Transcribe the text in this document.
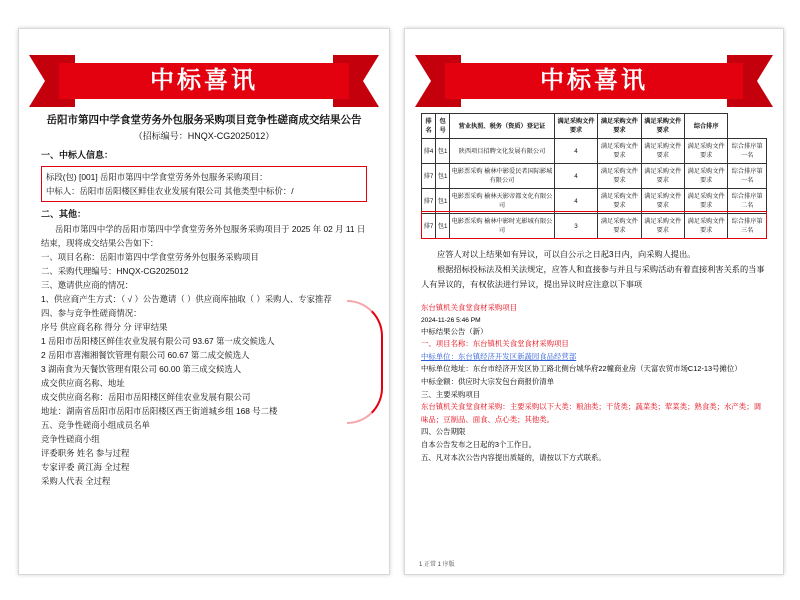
中标喜讯
岳阳市第四中学食堂劳务外包服务采购项目竞争性磋商成交结果公告
（招标编号：HNQX-CG2025012）
一、中标人信息：
标段(包) [001] 岳阳市第四中学食堂劳务外包服务采购项目：
中标人：岳阳市岳阳楼区鲜佳农业发展有限公司 其他类型中标价：/
二、其他：
岳阳市第四中学的岳阳市第四中学食堂劳务外包服务采购项目于 2025 年 02 月 11 日结束，现将成交结果公告如下：
一、项目名称：岳阳市第四中学食堂劳务外包服务采购项目
二、采购代理编号：HNQX-CG2025012
三、邀请供应商的情况：
1、供应商产生方式：（ √ ）公告邀请（ ）供应商库抽取（ ）采购人、专家推荐
四、参与竞争性磋商情况：
序号 供应商名称 得分 分 评审结果
1 岳阳市岳阳楼区鲜佳农业发展有限公司 93.67 第一成交候选人
2 岳阳市喜湘湘餐饮管理有限公司 60.67 第二成交候选人
3 湖南食为天餐饮管理有限公司 60.00 第三成交候选人
成交供应商名称、地址
成交供应商名称：岳阳市岳阳楼区鲜佳农业发展有限公司
地址：湖南省岳阳市岳阳市岳阳楼区西王街道城乡组 168 号二楼
五、竞争性磋商小组成员名单
竞争性磋商小组
评委职务 姓名 参与过程
专家评委 黄江海 全过程
采购人代表 全过程
中标喜讯
排名	包号	营业执照、税务（资质）登记证	满足采购文件要求	满足采购文件要求	满足采购文件要求	综合排序	
排4	包1	陕西项目招聘文化发展有限公司	4	满足采购文件要求	满足采购文件要求	满足采购文件要求	综合排序第一名
排7	包1	电影票采购 榆林中影爱民者国际影城有限公司	4	满足采购文件要求	满足采购文件要求	满足采购文件要求	综合排序第一名
排7	包1	电影票采购 榆林天影帝都文化有限公司	4	满足采购文件要求	满足采购文件要求	满足采购文件要求	综合排序第二名
排7	包1	电影票采购 榆林中影时光影城有限公司	3	满足采购文件要求	满足采购文件要求	满足采购文件要求	综合排序第三名
应答人对以上结果如有异议，可以自公示之日起3日内，向采购人提出。
根据招标投标法及相关法规定，应答人和直接参与并且与采购活动有着直接利害关系的当事人有异议的，有权依法进行异议，提出异议时应注意以下事项
东台镇机关食堂食材采购项目
2024-11-26 5:46 PM
中标结果公告（新）
一、项目名称：东台镇机关食堂食材采购项目
中标单位：东台镇经济开发区新蔬园食品经营部
中标单位地址：东台市经济开发区协工路北侧台城华府22幢商业房（天富农贸市场C12-13号摊位）
中标金额：供应时大宗发包台商报价清单
三、主要采购项目
东台镇机关食堂食材采购：主要采购以下大类：粮油类；干货类；蔬菜类；荤菜类；熟食类；水产类；调味品；豆制品、面食、点心类；其他类。
四、公告期限
自本公告发布之日起的3个工作日。
五、凡对本次公告内容提出质疑的，请按以下方式联系。
1 正常 1 序版
